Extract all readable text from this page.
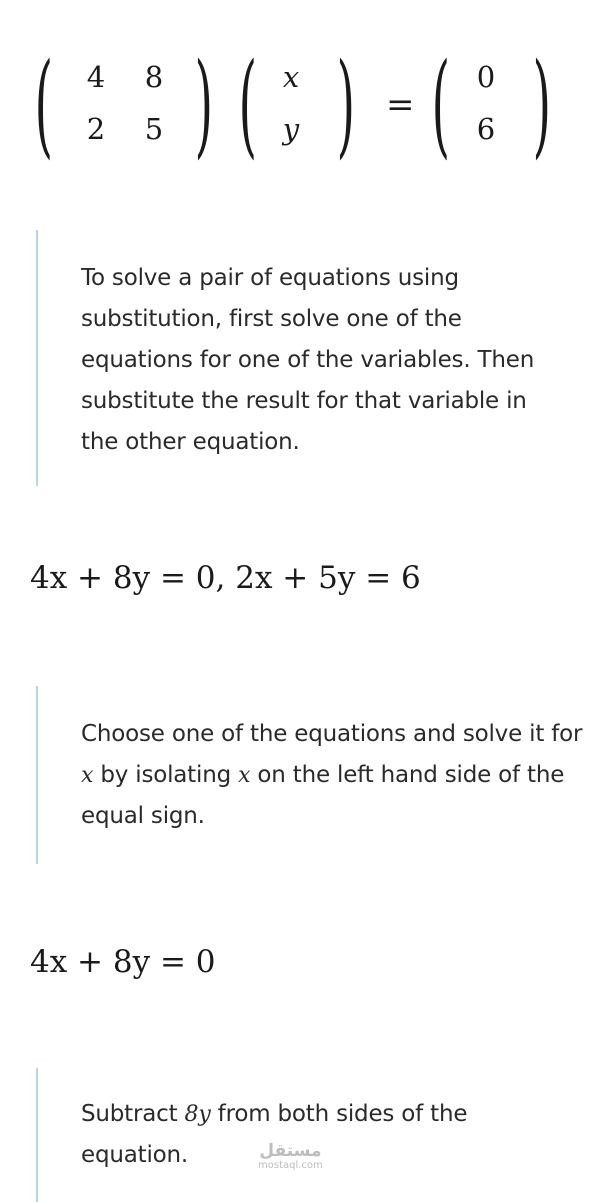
( 4 8
2 5 ) ( x
y ) = ( 0
6 )

To solve a pair of equations using substitution, first solve one of the equations for one of the variables. Then substitute the result for that variable in the other equation.

4x + 8y = 0, 2x + 5y = 6

Choose one of the equations and solve it for x by isolating x on the left hand side of the equal sign.

4x + 8y = 0

Subtract 8y from both sides of the equation.	مستقل
mostaql.com
